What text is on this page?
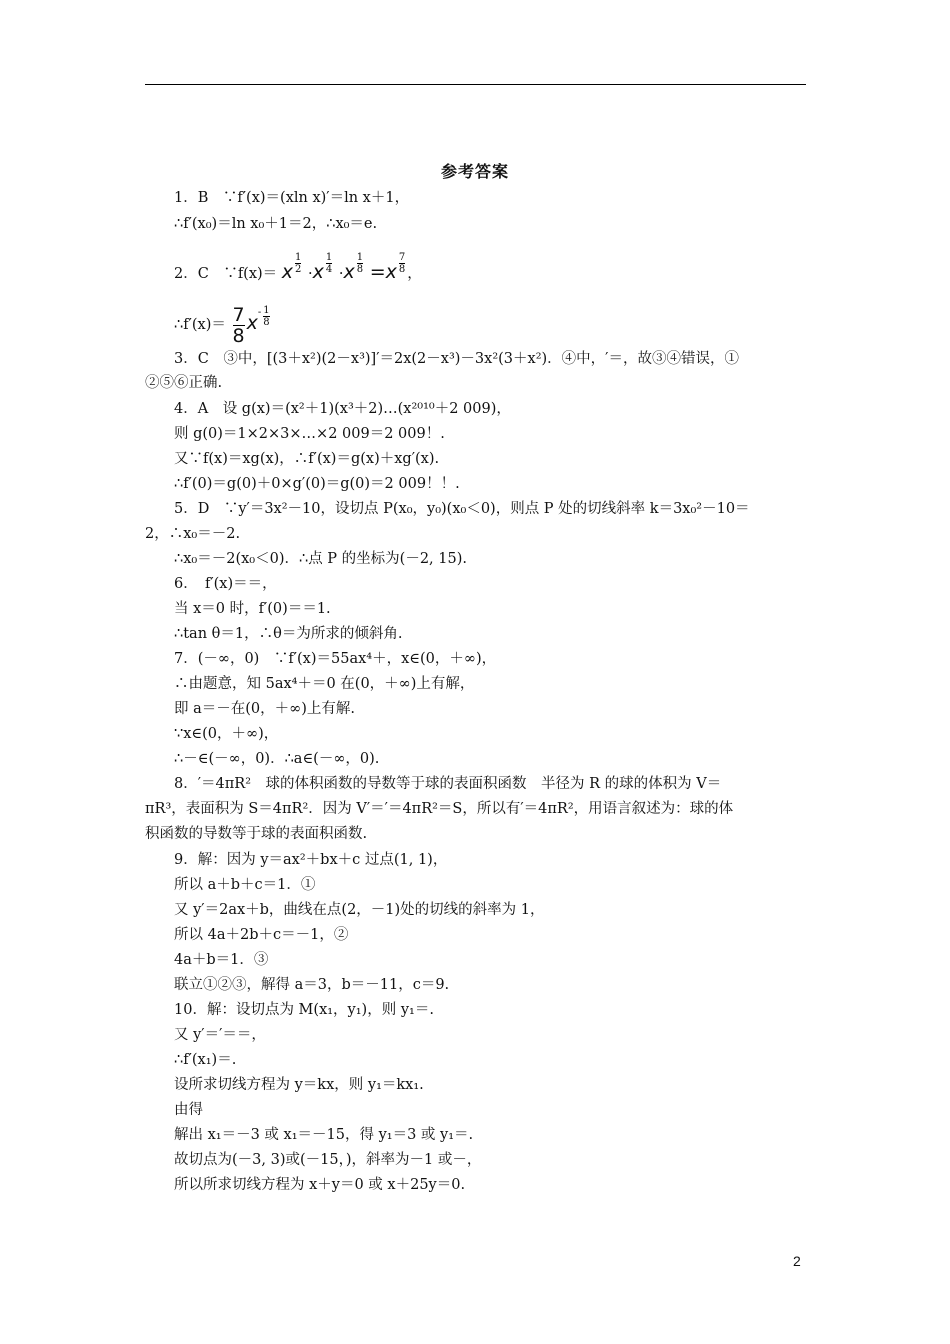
参考答案
1．B　∵f′(x)＝(xln x)′＝ln x＋1，
∴f′(x₀)＝ln x₀＋1＝2，∴x₀＝e.
2．C　∵f(x)＝ x $\frac{1}{2} \cdot x \frac{1}{4} \cdot x \frac{1}{8} =x \frac{7}{8}$ ，
∴f′(x)＝ $\frac{7}{8} x^- \frac{1}{8}$
3．C　③中，[(3＋x²)(2－x³)]′＝2x(2－x³)－3x²(3＋x²)．④中，′＝，故③④错误，①
②⑤⑥正确.
4．A　设 g(x)＝(x²＋1)(x³＋2)…(x²⁰¹⁰＋2 009)，
则 g(0)＝1×2×3×…×2 009＝2 009！.
又∵f(x)＝xg(x)，∴f′(x)＝g(x)＋xg′(x).
∴f′(0)＝g(0)＋0×g′(0)＝g(0)＝2 009！！.
5．D　∵y′＝3x²－10，设切点 P(x₀，y₀)(x₀＜0)，则点 P 处的切线斜率 k＝3x₀²－10＝
2，∴x₀＝－2.
∴x₀＝－2(x₀＜0)．∴点 P 的坐标为(－2, 15).
6．　f′(x)＝＝，
当 x＝0 时，f′(0)＝＝1.
∴tan θ＝1，∴θ＝为所求的倾斜角.
7．(－∞，0)　∵f′(x)＝55ax⁴＋，x∈(0，＋∞)，
∴由题意，知 5ax⁴＋＝0 在(0，＋∞)上有解，
即 a＝－在(0，＋∞)上有解.
∵x∈(0，＋∞)，
∴－∈(－∞，0)．∴a∈(－∞，0).
8．′＝4πR²　球的体积函数的导数等于球的表面积函数　半径为 R 的球的体积为 V＝
πR³，表面积为 S＝4πR²．因为 V′＝′＝4πR²＝S，所以有′＝4πR²，用语言叙述为：球的体
积函数的导数等于球的表面积函数.
9．解：因为 y＝ax²＋bx＋c 过点(1, 1)，
所以 a＋b＋c＝1．①
又 y′＝2ax＋b，曲线在点(2，－1)处的切线的斜率为 1，
所以 4a＋2b＋c＝－1，②
4a＋b＝1．③
联立①②③，解得 a＝3，b＝－11，c＝9.
10．解：设切点为 M(x₁，y₁)，则 y₁＝.
又 y′＝′＝＝，
∴f′(x₁)＝.
设所求切线方程为 y＝kx，则 y₁＝kx₁.
由得
解出 x₁＝－3 或 x₁＝－15，得 y₁＝3 或 y₁＝.
故切点为(－3, 3)或(－15，)，斜率为－1 或－，
所以所求切线方程为 x＋y＝0 或 x＋25y＝0.
2
